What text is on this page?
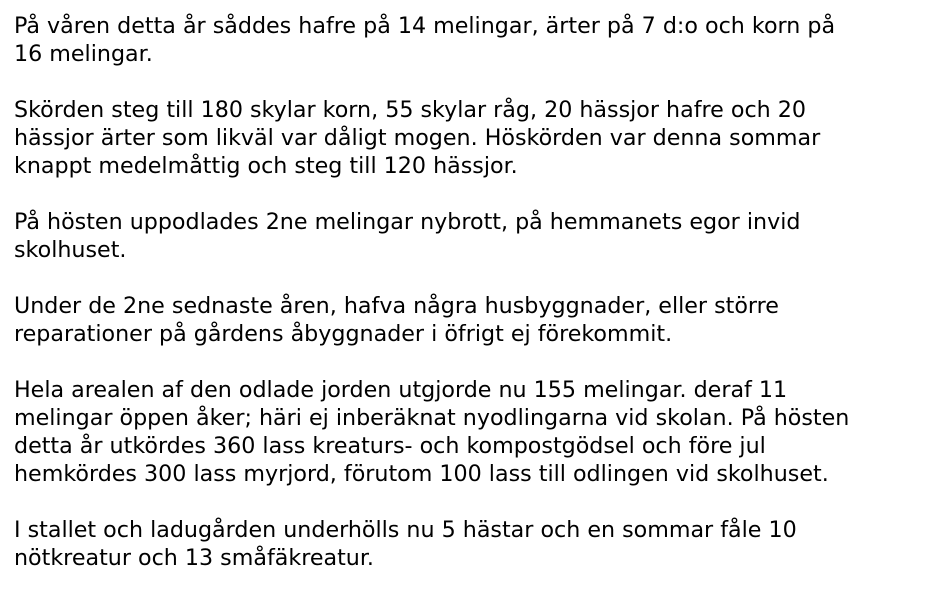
På våren detta år såddes hafre på 14 melingar, ärter på 7 d:o och korn på
16 melingar.

Skörden steg till 180 skylar korn, 55 skylar råg, 20 hässjor hafre och 20
hässjor ärter som likväl var dåligt mogen. Höskörden var denna sommar
knappt medelmåttig och steg till 120 hässjor.

På hösten uppodlades 2ne melingar nybrott, på hemmanets egor invid
skolhuset.

Under de 2ne sednaste åren, hafva några husbyggnader, eller större
reparationer på gårdens åbyggnader i öfrigt ej förekommit.

Hela arealen af den odlade jorden utgjorde nu 155 melingar. deraf 11
melingar öppen åker; häri ej inberäknat nyodlingarna vid skolan. På hösten
detta år utkördes 360 lass kreaturs- och kompostgödsel och före jul
hemkördes 300 lass myrjord, förutom 100 lass till odlingen vid skolhuset.

I stallet och ladugården underhölls nu 5 hästar och en sommar fåle 10
nötkreatur och 13 småfäkreatur.
